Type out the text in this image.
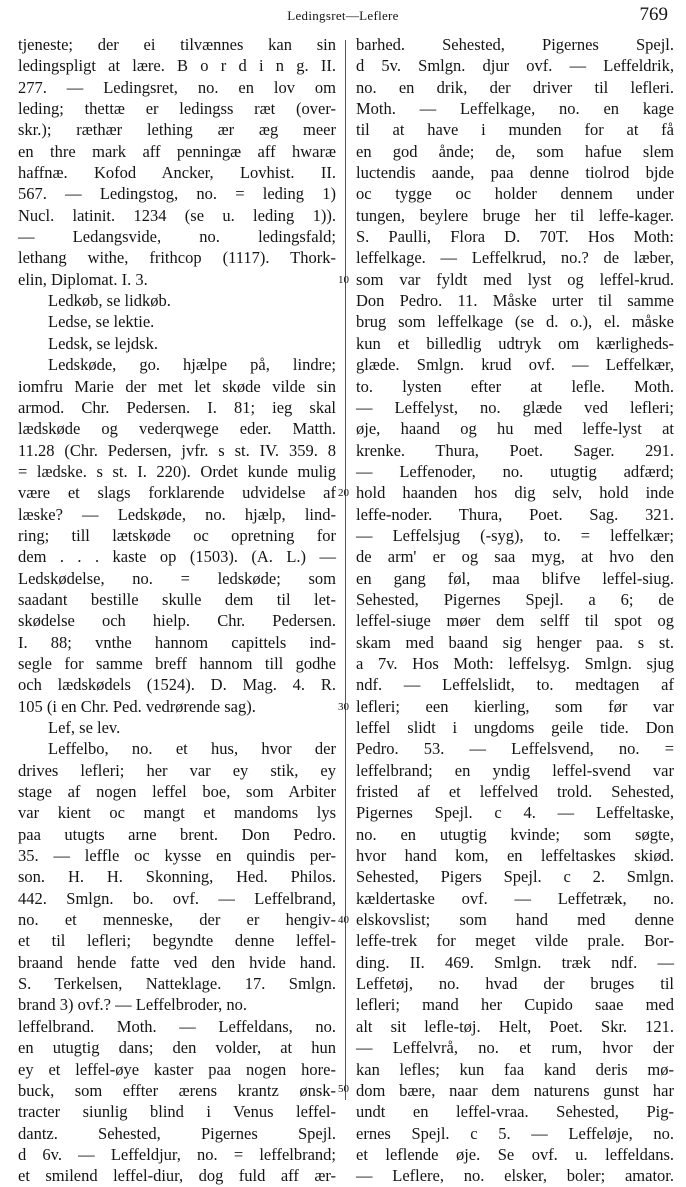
Ledingsret—Leflere	769
tjeneste; der ei tilvænnes kan sin
ledingspligt at lære. B o r d i n g. II.
277. — Ledingsret, no. en lov om
leding; thettæ er ledingss ræt (over-
skr.); ræthær lething ær æg meer
en thre mark aff penningæ aff hwaræ
haffnæ. Kofod Ancker, Lovhist. II.
567. — Ledingstog, no. = leding 1)
Nucl. latinit. 1234 (se u. leding 1)).
— Ledangsvide, no. ledingsfald;
lethang withe, frithcop (1117). Thork-
elin, Diplomat. I. 3.
Ledkøb, se lidkøb.
Ledse, se lektie.
Ledsk, se lejdsk.
Ledskøde, go. hjælpe på, lindre;
iomfru Marie der met let skøde vilde sin
armod. Chr. Pedersen. I. 81; ieg skal
lædskøde og vederqwege eder. Matth.
11.28 (Chr. Pedersen, jvfr. s st. IV. 359. 8
= lædske. s st. I. 220). Ordet kunde mulig
være et slags forklarende udvidelse af
læske? — Ledskøde, no. hjælp, lind-
ring; till lætskøde oc opretning for
dem . . . kaste op (1503). (A. L.) —
Ledskødelse, no. = ledskøde; som
saadant bestille skulle dem til let-
skødelse och hielp. Chr. Pedersen.
I. 88; vnthe hannom capittels ind-
segle for samme breff hannom till godhe
och lædskødels (1524). D. Mag. 4. R.
105 (i en Chr. Ped. vedrørende sag).
Lef, se lev.
Leffelbo, no. et hus, hvor der
drives lefleri; her var ey stik, ey
stage af nogen leffel boe, som Arbiter
var kient oc mangt et mandoms lys
paa utugts arne brent. Don Pedro.
35. — leffle oc kysse en quindis per-
son. H. H. Skonning, Hed. Philos.
442. Smlgn. bo. ovf. — Leffelbrand,
no. et menneske, der er hengiv-
et til lefleri; begyndte denne leffel-
braand hende fatte ved den hvide hand.
S. Terkelsen, Natteklage. 17. Smlgn.
brand 3) ovf.? — Leffelbroder, no.
leffelbrand. Moth. — Leffeldans, no.
en utugtig dans; den volder, at hun
ey et leffel-øye kaster paa nogen hore-
buck, som effter ærens krantz ønsk-
tracter siunlig blind i Venus leffel-
dantz. Sehested, Pigernes Spejl.
d 6v. — Leffeldjur, no. = leffelbrand;
et smilend leffel-diur, dog fuld aff ær-
barhed. Sehested, Pigernes Spejl.
d 5v. Smlgn. djur ovf. — Leffeldrik,
no. en drik, der driver til lefleri.
Moth. — Leffelkage, no. en kage
til at have i munden for at få
en god ånde; de, som hafue slem
luctendis aande, paa denne tiolrod bjde
oc tygge oc holder dennem under
tungen, beylere bruge her til leffe-kager.
S. Paulli, Flora D. 70T. Hos Moth:
leffelkage. — Leffelkrud, no.? de læber,
som var fyldt med lyst og leffel-krud.
Don Pedro. 11. Måske urter til samme
brug som leffelkage (se d. o.), el. måske
kun et billedlig udtryk om kærligheds-
glæde. Smlgn. krud ovf. — Leffelkær,
to. lysten efter at lefle. Moth.
— Leffelyst, no. glæde ved lefleri;
øje, haand og hu med leffe-lyst at
krenke. Thura, Poet. Sager. 291.
— Leffenoder, no. utugtig adfærd;
hold haanden hos dig selv, hold inde
leffe-noder. Thura, Poet. Sag. 321.
— Leffelsjug (-syg), to. = leffelkær;
de arm' er og saa myg, at hvo den
en gang føl, maa blifve leffel-siug.
Sehested, Pigernes Spejl. a 6; de
leffel-siuge møer dem selff til spot og
skam med baand sig henger paa. s st.
a 7v. Hos Moth: leffelsyg. Smlgn. sjug
ndf. — Leffelslidt, to. medtagen af
lefleri; een kierling, som før var
leffel slidt i ungdoms geile tide. Don
Pedro. 53. — Leffelsvend, no. =
leffelbrand; en yndig leffel-svend var
fristed af et leffelved trold. Sehested,
Pigernes Spejl. c 4. — Leffeltaske,
no. en utugtig kvinde; som søgte,
hvor hand kom, en leffeltaskes skiød.
Sehested, Pigers Spejl. c 2. Smlgn.
kældertaske ovf. — Leffetræk, no.
elskovslist; som hand med denne
leffe-trek for meget vilde prale. Bor-
ding. II. 469. Smlgn. træk ndf. —
Leffetøj, no. hvad der bruges til
lefleri; mand her Cupido saae med
alt sit lefle-tøj. Helt, Poet. Skr. 121.
— Leffelvrå, no. et rum, hvor der
kan lefles; kun faa kand deris mø-
dom bære, naar dem naturens gunst har
undt en leffel-vraa. Sehested, Pig-
ernes Spejl. c 5. — Leffeløje, no.
et leflende øje. Se ovf. u. leffeldans.
— Leflere, no. elsker, boler; amator.
10
20
30
40
50
